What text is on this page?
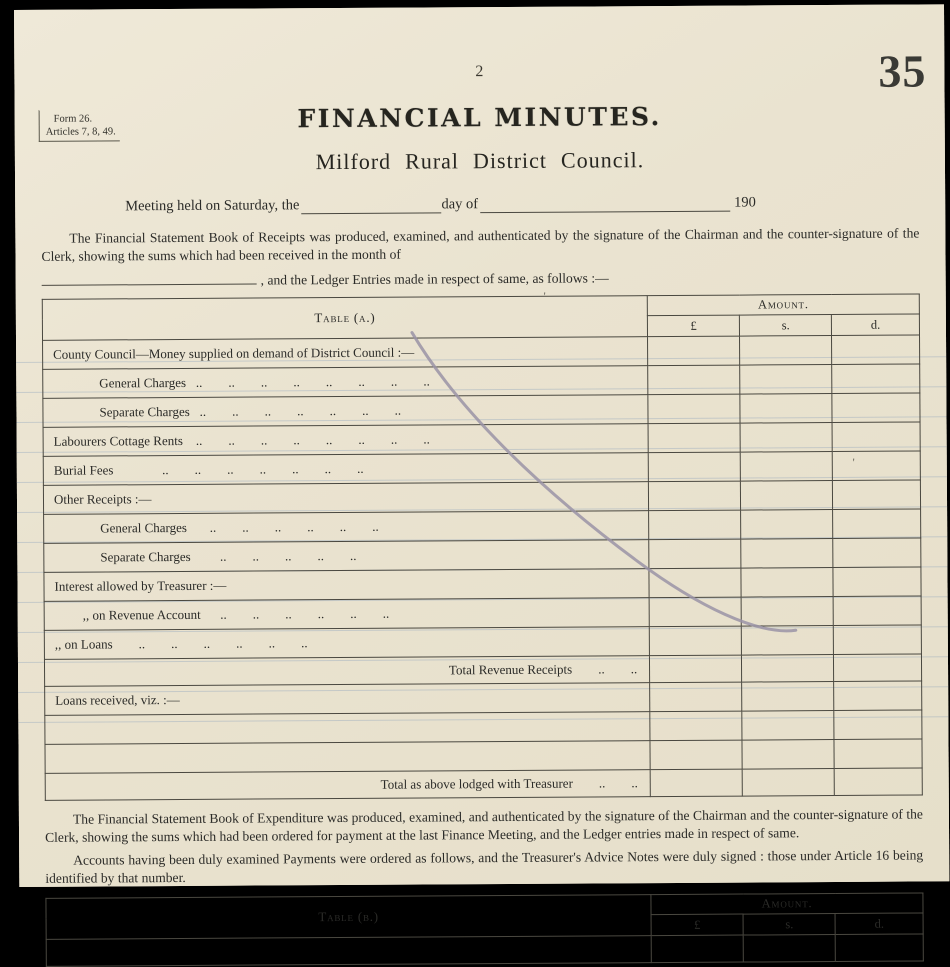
2	35
Form 26.
Articles 7, 8, 49.	FINANCIAL MINUTES.
Milford Rural District Council.
Meeting held on Saturday, the	day of	190
The Financial Statement Book of Receipts was produced, examined, and authenticated by the signature of the Chairman and the counter-signature of the Clerk, showing the sums which had been received in the month of
, and the Ledger Entries made in respect of same, as follows :—
Table (a.)	Amount.		
	£	s.	d.
County Council—Money supplied on demand of District Council :—			
General Charges   ..        ..        ..        ..        ..        ..        ..        ..			
Separate Charges   ..        ..        ..        ..        ..        ..        ..			
Labourers Cottage Rents    ..        ..        ..        ..        ..        ..        ..        ..			
Burial Fees               ..        ..        ..        ..        ..        ..        ..			
Other Receipts :—			
General Charges       ..        ..        ..        ..        ..        ..			
Separate Charges         ..        ..        ..        ..        ..			
Interest allowed by Treasurer :—			
,, on Revenue Account      ..        ..        ..        ..        ..        ..			
,, on Loans        ..        ..        ..        ..        ..        ..			
Total Revenue Receipts        ..        ..			
Loans received, viz. :—			

Total as above lodged with Treasurer        ..        ..			
The Financial Statement Book of Expenditure was produced, examined, and authenticated by the signature of the Chairman and the counter-signature of the Clerk, showing the sums which had been ordered for payment at the last Finance Meeting, and the Ledger entries made in respect of same.
Accounts having been duly examined Payments were ordered as follows, and the Treasurer's Advice Notes were duly signed : those under Article 16 being identified by that number.
Table (b.)	Amount.		
	£	s.	d.

'
'
